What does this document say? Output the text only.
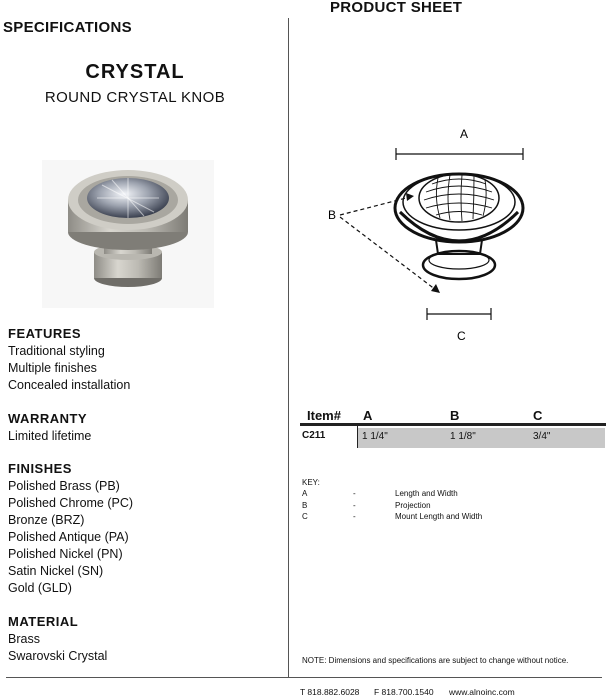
SPECIFICATIONS
PRODUCT SHEET
CRYSTAL
ROUND CRYSTAL KNOB
FEATURES
Traditional styling
Multiple finishes
Concealed installation
WARRANTY
Limited lifetime
FINISHES
Polished Brass (PB)
Polished Chrome (PC)
Bronze (BRZ)
Polished Antique (PA)
Polished Nickel (PN)
Satin Nickel (SN)
Gold (GLD)
MATERIAL
Brass
Swarovski Crystal
A
B
C
Item# A	B	C
C211	1 1/4"	1 1/8"	3/4"
KEY:
A	-	Length and Width
B	-	Projection
C	-	Mount Length and Width
NOTE: Dimensions and specifications are subject to change without notice.
T 818.882.6028 F 818.700.1540 www.alnoinc.com
